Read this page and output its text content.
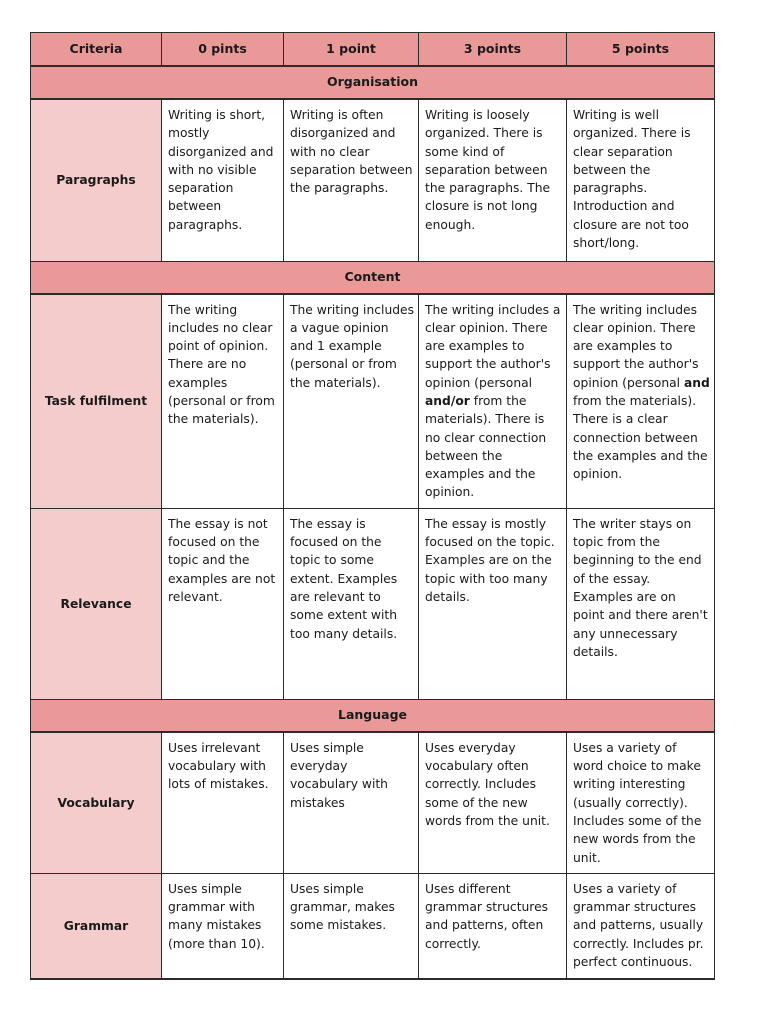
Criteria	0 pints	1 point	3 points	5 points
Organisation				
Paragraphs	Writing is short, mostly disorganized and with no visible separation between paragraphs.	Writing is often disorganized and with no clear separation between the paragraphs.	Writing is loosely organized. There is some kind of separation between the paragraphs. The closure is not long enough.	Writing is well organized. There is clear separation between the paragraphs. Introduction and closure are not too short/long.
Content				
Task fulfilment	The writing includes no clear point of opinion. There are no examples (personal or from the materials).	The writing includes a vague opinion and 1 example (personal or from the materials).	The writing includes a clear opinion. There are examples to support the author's opinion (personal and/or from the materials). There is no clear connection between the examples and the opinion.	The writing includes clear opinion. There are examples to support the author's opinion (personal and from the materials). There is a clear connection between the examples and the opinion.
Relevance	The essay is not focused on the topic and the examples are not relevant.	The essay is focused on the topic to some extent. Examples are relevant to some extent with too many details.	The essay is mostly focused on the topic. Examples are on the topic with too many details.	The writer stays on topic from the beginning to the end of the essay. Examples are on point and there aren't any unnecessary details.
Language				
Vocabulary	Uses irrelevant vocabulary with lots of mistakes.	Uses simple everyday vocabulary with mistakes	Uses everyday vocabulary often correctly. Includes some of the new words from the unit.	Uses a variety of word choice to make writing interesting (usually correctly). Includes some of the new words from the unit.
Grammar	Uses simple grammar with many mistakes (more than 10).	Uses simple grammar, makes some mistakes.	Uses different grammar structures and patterns, often correctly.	Uses a variety of grammar structures and patterns, usually correctly. Includes pr. perfect continuous.
